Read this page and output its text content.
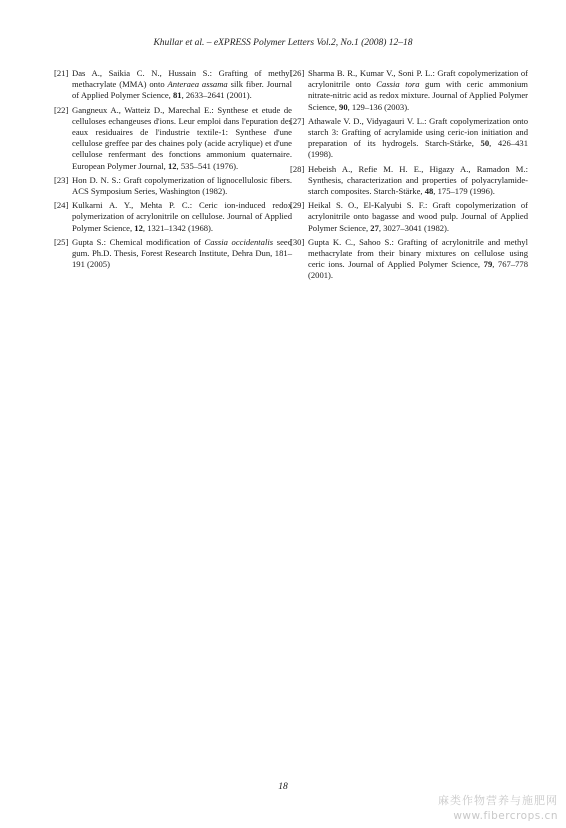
Khullar et al. – eXPRESS Polymer Letters Vol.2, No.1 (2008) 12–18
[21] Das A., Saikia C. N., Hussain S.: Grafting of methyl methacrylate (MMA) onto Anteraea assama silk fiber. Journal of Applied Polymer Science, 81, 2633–2641 (2001).
[22] Gangneux A., Watteiz D., Marechal E.: Synthese et etude de celluloses echangeuses d'ions. Leur emploi dans l'epuration des eaux residuaires de l'industrie textile-1: Synthese d'une cellulose greffee par des chaines poly (acide acrylique) et d'une cellulose renfermant des fonctions ammonium quaternaire. European Polymer Journal, 12, 535–541 (1976).
[23] Hon D. N. S.: Graft copolymerization of lignocellulosic fibers. ACS Symposium Series, Washington (1982).
[24] Kulkarni A. Y., Mehta P. C.: Ceric ion-induced redox polymerization of acrylonitrile on cellulose. Journal of Applied Polymer Science, 12, 1321–1342 (1968).
[25] Gupta S.: Chemical modification of Cassia occidentalis seed gum. Ph.D. Thesis, Forest Research Institute, Dehra Dun, 181–191 (2005)
[26] Sharma B. R., Kumar V., Soni P. L.: Graft copolymerization of acrylonitrile onto Cassia tora gum with ceric ammonium nitrate-nitric acid as redox mixture. Journal of Applied Polymer Science, 90, 129–136 (2003).
[27] Athawale V. D., Vidyagauri V. L.: Graft copolymerization onto starch 3: Grafting of acrylamide using ceric-ion initiation and preparation of its hydrogels. Starch-Stärke, 50, 426–431 (1998).
[28] Hebeish A., Refie M. H. E., Higazy A., Ramadon M.: Synthesis, characterization and properties of polyacrylamide-starch composites. Starch-Stärke, 48, 175–179 (1996).
[29] Heikal S. O., El-Kalyubi S. F.: Graft copolymerization of acrylonitrile onto bagasse and wood pulp. Journal of Applied Polymer Science, 27, 3027–3041 (1982).
[30] Gupta K. C., Sahoo S.: Grafting of acrylonitrile and methyl methacrylate from their binary mixtures on cellulose using ceric ions. Journal of Applied Polymer Science, 79, 767–778 (2001).
18
麻类作物营养与施肥网
www.fibercrops.cn
